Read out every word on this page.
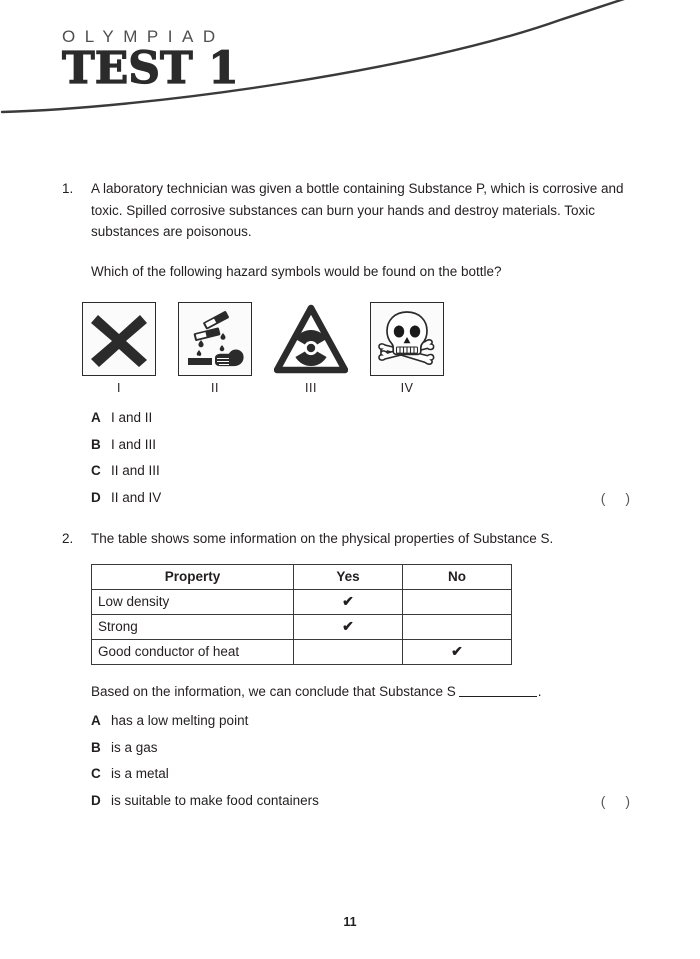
OLYMPIAD
TEST 1
1. A laboratory technician was given a bottle containing Substance P, which is corrosive and toxic. Spilled corrosive substances can burn your hands and destroy materials. Toxic substances are poisonous.

Which of the following hazard symbols would be found on the bottle?

I	II	III	IV
A I and II
B I and III
C II and III
D II and IV	( )
2. The table shows some information on the physical properties of Substance S.

Property	Yes	No
Low density	✔	
Strong	✔	
Good conductor of heat		✔

Based on the information, we can conclude that Substance S	.

A has a low melting point
B is a gas
C is a metal
D is suitable to make food containers	( )
11
